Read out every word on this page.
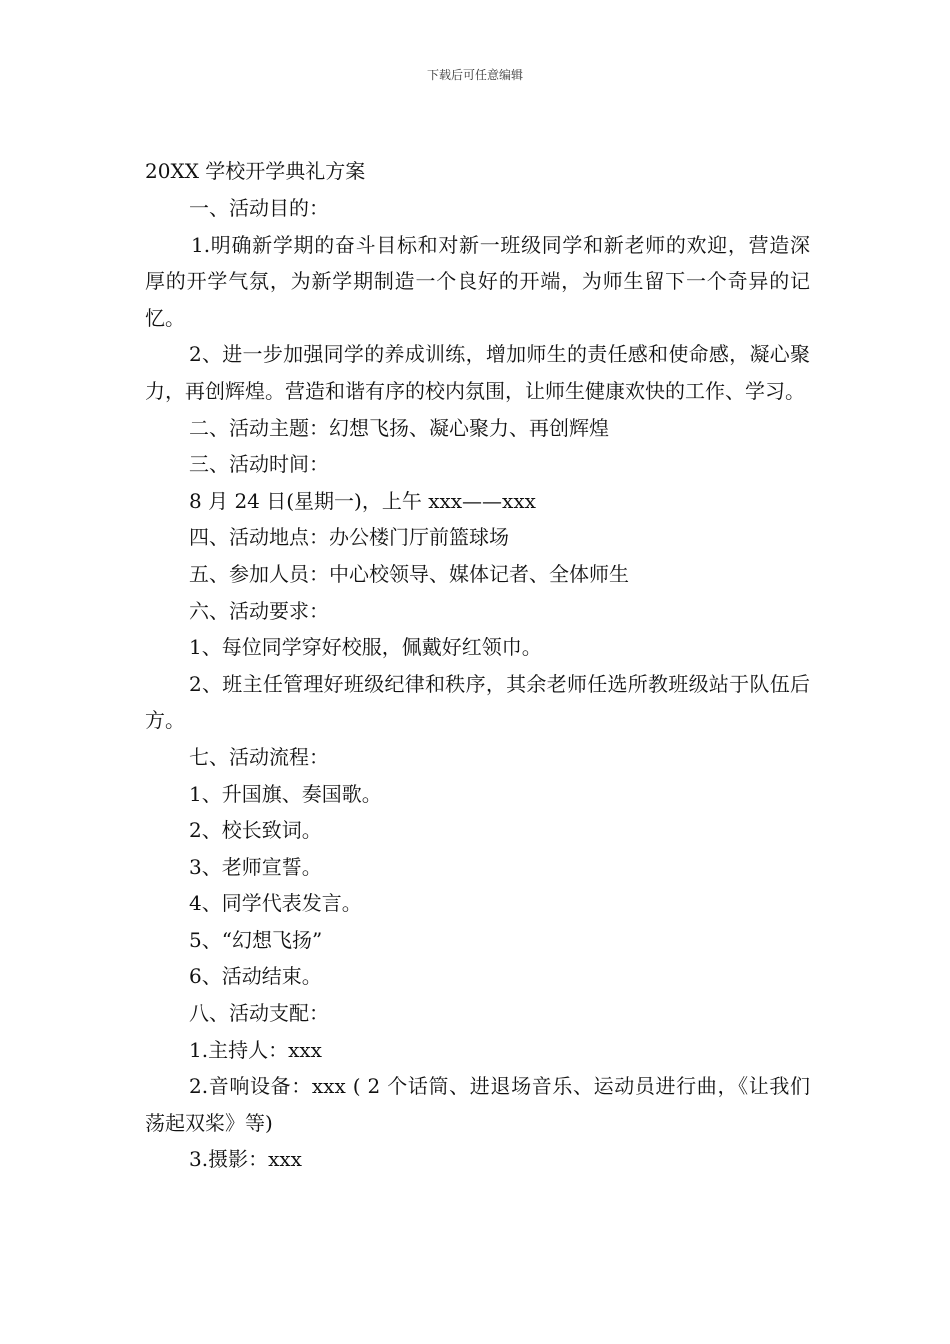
下载后可任意编辑

20XX 学校开学典礼方案

一、活动目的：

1.明确新学期的奋斗目标和对新一班级同学和新老师的欢迎，营造深厚的开学气氛，为新学期制造一个良好的开端，为师生留下一个奇异的记忆。

2、进一步加强同学的养成训练，增加师生的责任感和使命感，凝心聚力，再创辉煌。营造和谐有序的校内氛围，让师生健康欢快的工作、学习。

二、活动主题：幻想飞扬、凝心聚力、再创辉煌

三、活动时间：

8 月 24 日(星期一)，上午 xxx——xxx

四、活动地点：办公楼门厅前篮球场

五、参加人员：中心校领导、媒体记者、全体师生

六、活动要求：

1、每位同学穿好校服，佩戴好红领巾。

2、班主任管理好班级纪律和秩序，其余老师任选所教班级站于队伍后方。

七、活动流程：

1、升国旗、奏国歌。

2、校长致词。

3、老师宣誓。

4、同学代表发言。

5、“幻想飞扬”

6、活动结束。

八、活动支配：

1.主持人：xxx

2.音响设备：xxx ( 2 个话筒、进退场音乐、运动员进行曲，《让我们荡起双桨》等)

3.摄影：xxx
